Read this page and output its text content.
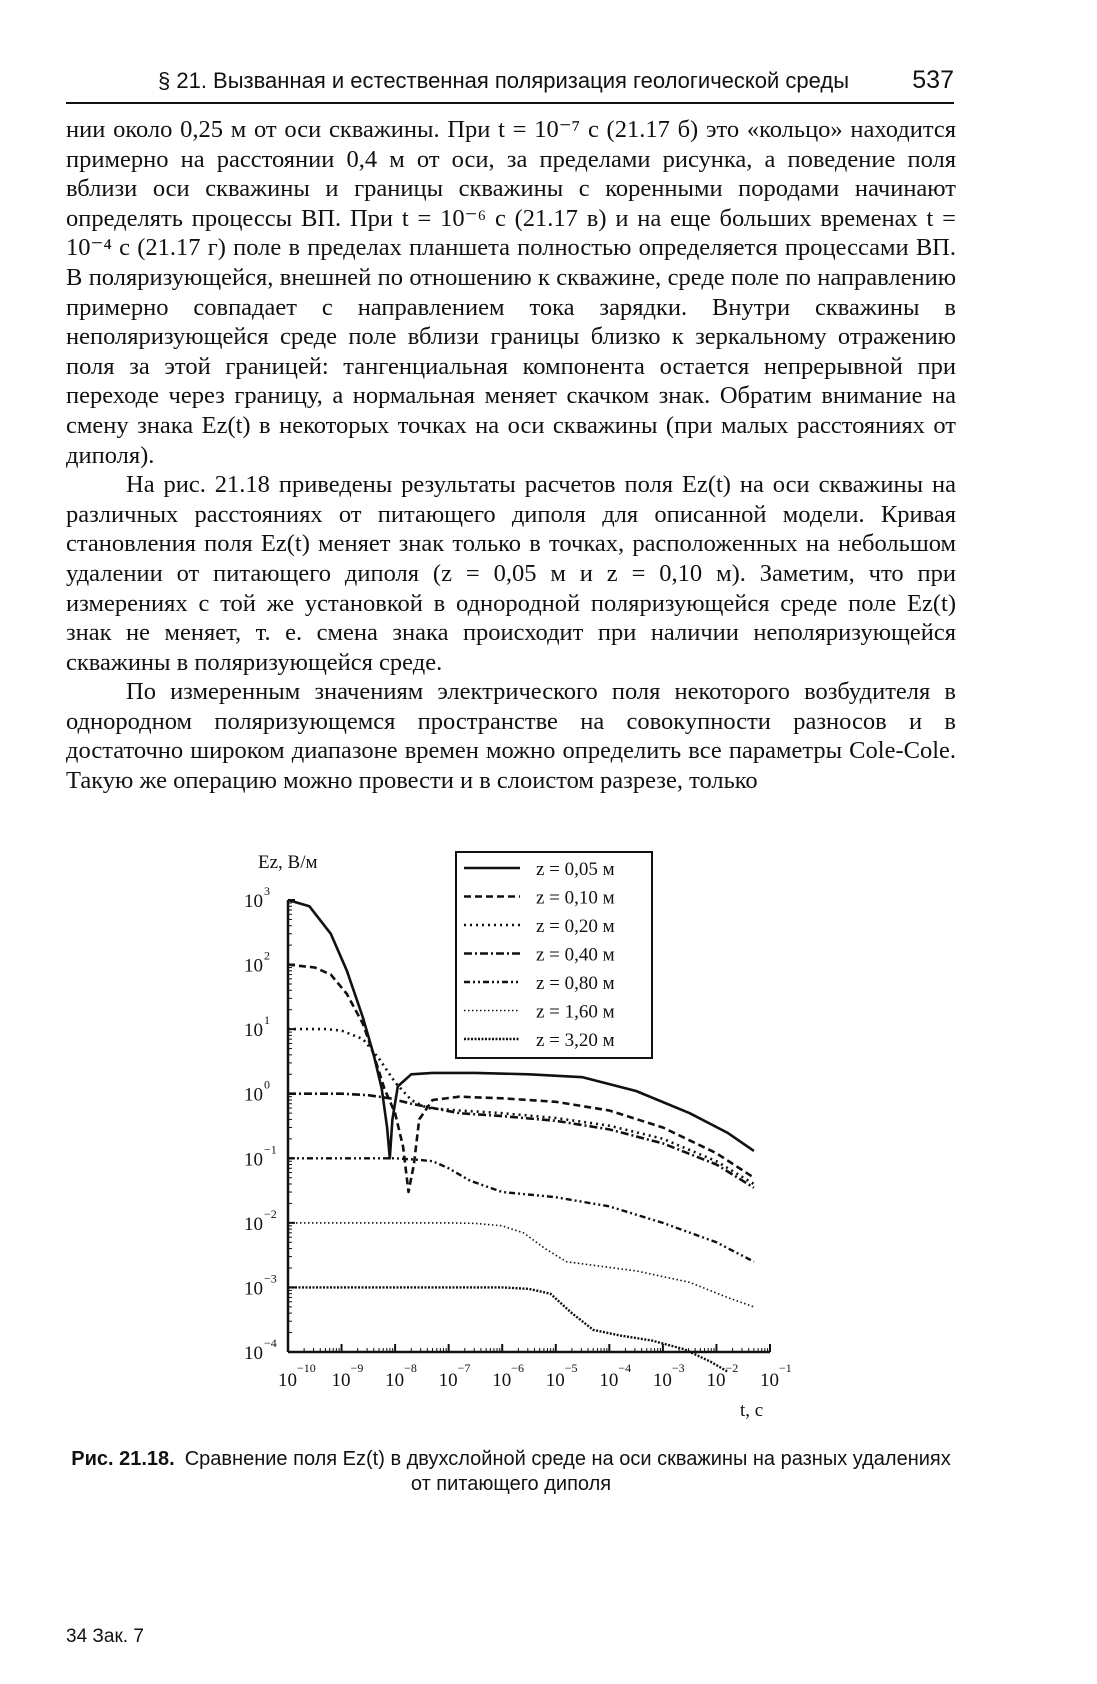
§ 21. Вызванная и естественная поляризация геологической среды	537

нии около 0,25 м от оси скважины. При t = 10⁻⁷ с (21.17 б) это «кольцо» находится примерно на расстоянии 0,4 м от оси, за пределами рисунка, а поведение поля вблизи оси скважины и границы скважины с коренными породами начинают определять процессы ВП. При t = 10⁻⁶ с (21.17 в) и на еще больших временах t = 10⁻⁴ с (21.17 г) поле в пределах планшета полностью определяется процессами ВП. В поляризующейся, внешней по отношению к скважине, среде поле по направлению примерно совпадает с направлением тока зарядки. Внутри скважины в неполяризующейся среде поле вблизи границы близко к зеркальному отражению поля за этой границей: тангенциальная компонента остается непрерывной при переходе через границу, а нормальная меняет скачком знак. Обратим внимание на смену знака Ez(t) в некоторых точках на оси скважины (при малых расстояниях от диполя).

На рис. 21.18 приведены результаты расчетов поля Ez(t) на оси скважины на различных расстояниях от питающего диполя для описанной модели. Кривая становления поля Ez(t) меняет знак только в точках, расположенных на небольшом удалении от питающего диполя (z = 0,05 м и z = 0,10 м). Заметим, что при измерениях с той же установкой в однородной поляризующейся среде поле Ez(t) знак не меняет, т. е. смена знака происходит при наличии неполяризующейся скважины в поляризующейся среде.

По измеренным значениям электрического поля некоторого возбудителя в однородном поляризующемся пространстве на совокупности разносов и в достаточно широком диапазоне времен можно определить все параметры Cole-Cole. Такую же операцию можно провести и в слоистом разрезе, только

10 3
10 2
10 1
10 0
10 −1
10 −2
10 −3
10 −4
10
−10
10
−9
10
−8
10
−7
10
−6
10
−5
10
−4
10
−3
10
−2
10
−1
Ez, В/м
t, с
z = 0,05 м
z = 0,10 м
z = 0,20 м
z = 0,40 м
z = 0,80 м
z = 1,60 м
z = 3,20 м
Рис. 21.18. Сравнение поля Ez(t) в двухслойной среде на оси скважины на разных удалениях от питающего диполя
34 Зак. 7
